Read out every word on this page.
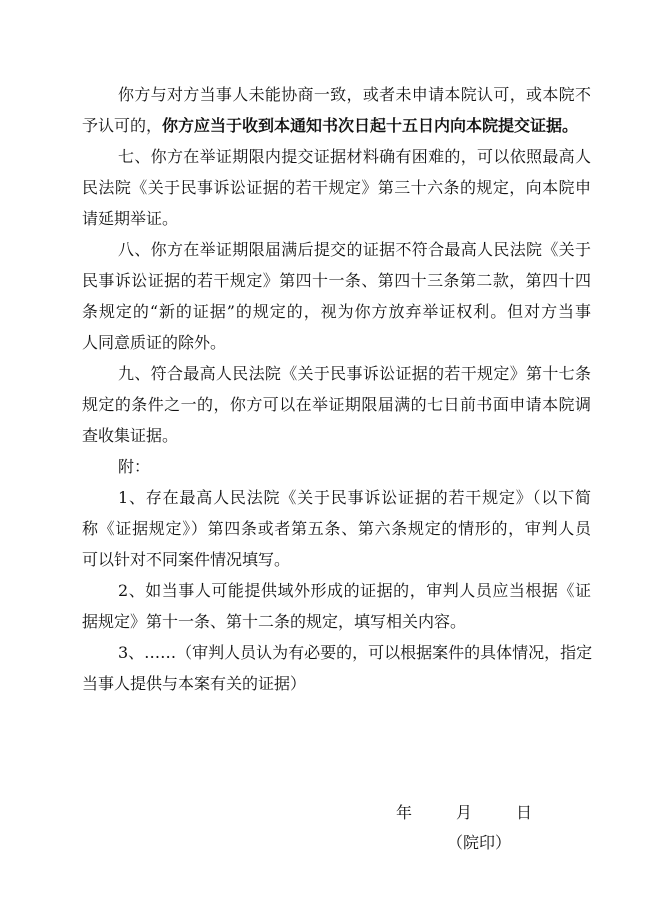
你方与对方当事人未能协商一致，或者未申请本院认可，或本院不
予认可的，你方应当于收到本通知书次日起十五日内向本院提交证据。
七、你方在举证期限内提交证据材料确有困难的，可以依照最高人
民法院《关于民事诉讼证据的若干规定》第三十六条的规定，向本院申
请延期举证。
八、你方在举证期限届满后提交的证据不符合最高人民法院《关于
民事诉讼证据的若干规定》第四十一条、第四十三条第二款，第四十四
条规定的“新的证据”的规定的，视为你方放弃举证权利。但对方当事
人同意质证的除外。
九、符合最高人民法院《关于民事诉讼证据的若干规定》第十七条
规定的条件之一的，你方可以在举证期限届满的七日前书面申请本院调
查收集证据。
附：
1、存在最高人民法院《关于民事诉讼证据的若干规定》（以下简
称《证据规定》）第四条或者第五条、第六条规定的情形的，审判人员
可以针对不同案件情况填写。
2、如当事人可能提供域外形成的证据的，审判人员应当根据《证
据规定》第十一条、第十二条的规定，填写相关内容。
3、……（审判人员认为有必要的，可以根据案件的具体情况，指定
当事人提供与本案有关的证据）
年	月	日
（院印）
